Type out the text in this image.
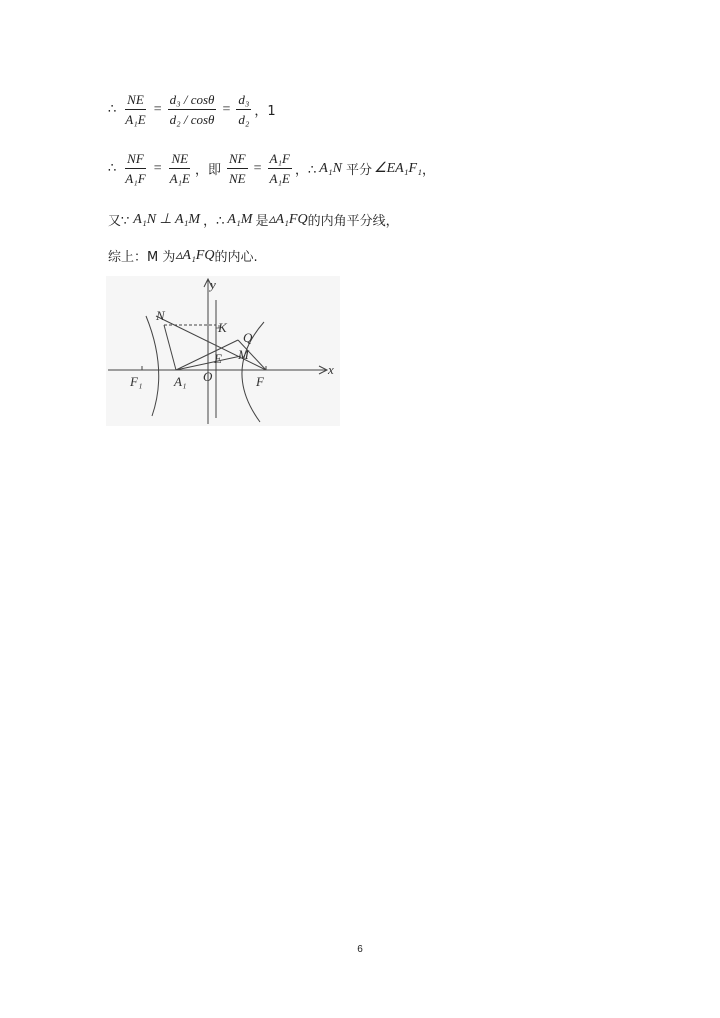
∴ $\frac{NE}{\text{A₁E}} = \frac{\text{d₃ / cosθ}}{\text{d₂ / cosθ}} = \frac{\text{d₃}}{\text{d₂}}$ ，1
∴ $\frac{NF}{\text{A₁F}} = \frac{NE}{\text{A₁E}}$ ，即 $\frac{NF}{NE} = \frac{\text{A₁F}}{\text{A₁E}}$ ，∴ A₁N 平分 ∠EA₁F₁ ，
又∵ A₁N ⊥ A₁M ，∴ A₁M 是 ▵A₁FQ 的内角平分线，
综上：M 为 ▵A₁FQ 的内心.
x
y
N
K
Q
E M
O	F
F₁ A₁
6
